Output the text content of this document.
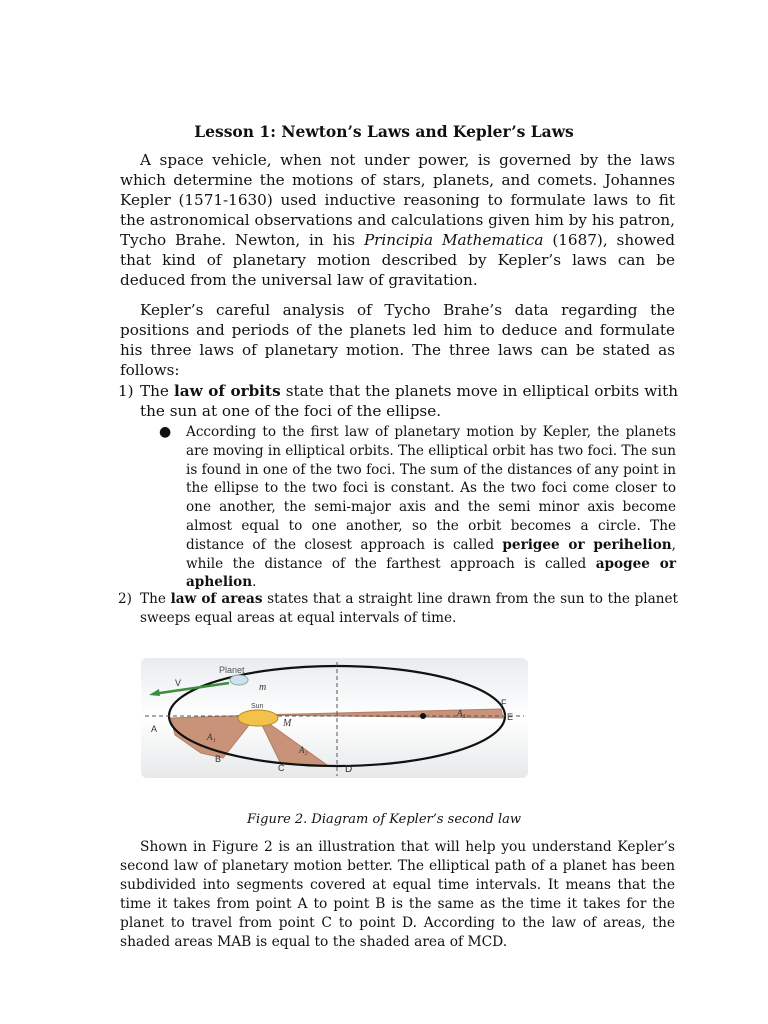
Lesson 1: Newton’s Laws and Kepler’s Laws

A space vehicle, when not under power, is governed by the laws which determine the motions of stars, planets, and comets. Johannes Kepler (1571-1630) used inductive reasoning to formulate laws to fit the astronomical observations and calculations given him by his patron, Tycho Brahe. Newton, in his Principia Mathematica (1687), showed that kind of planetary motion described by Kepler’s laws can be deduced from the universal law of gravitation.

Kepler’s careful analysis of Tycho Brahe’s data regarding the positions and periods of the planets led him to deduce and formulate his three laws of planetary motion. The three laws can be stated as follows:

1) The law of orbits state that the planets move in elliptical orbits with the sun at one of the foci of the ellipse.

● According to the first law of planetary motion by Kepler, the planets are moving in elliptical orbits. The elliptical orbit has two foci. The sun is found in one of the two foci. The sum of the distances of any point in the ellipse to the two foci is constant. As the two foci come closer to one another, the semi-major axis and the semi minor axis become almost equal to one another, so the orbit becomes a circle. The distance of the closest approach is called perigee or perihelion, while the distance of the farthest approach is called apogee or aphelion.

2) The law of areas states that a straight line drawn from the sun to the planet sweeps equal areas at equal intervals of time.
Planet
V	m
Sun
M
A
B
C	D
E
F
A₁
A₂
A₃

Figure 2. Diagram of Kepler’s second law

Shown in Figure 2 is an illustration that will help you understand Kepler’s second law of planetary motion better. The elliptical path of a planet has been subdivided into segments covered at equal time intervals. It means that the time it takes from point A to point B is the same as the time it takes for the planet to travel from point C to point D. According to the law of areas, the shaded areas MAB is equal to the shaded area of MCD.
